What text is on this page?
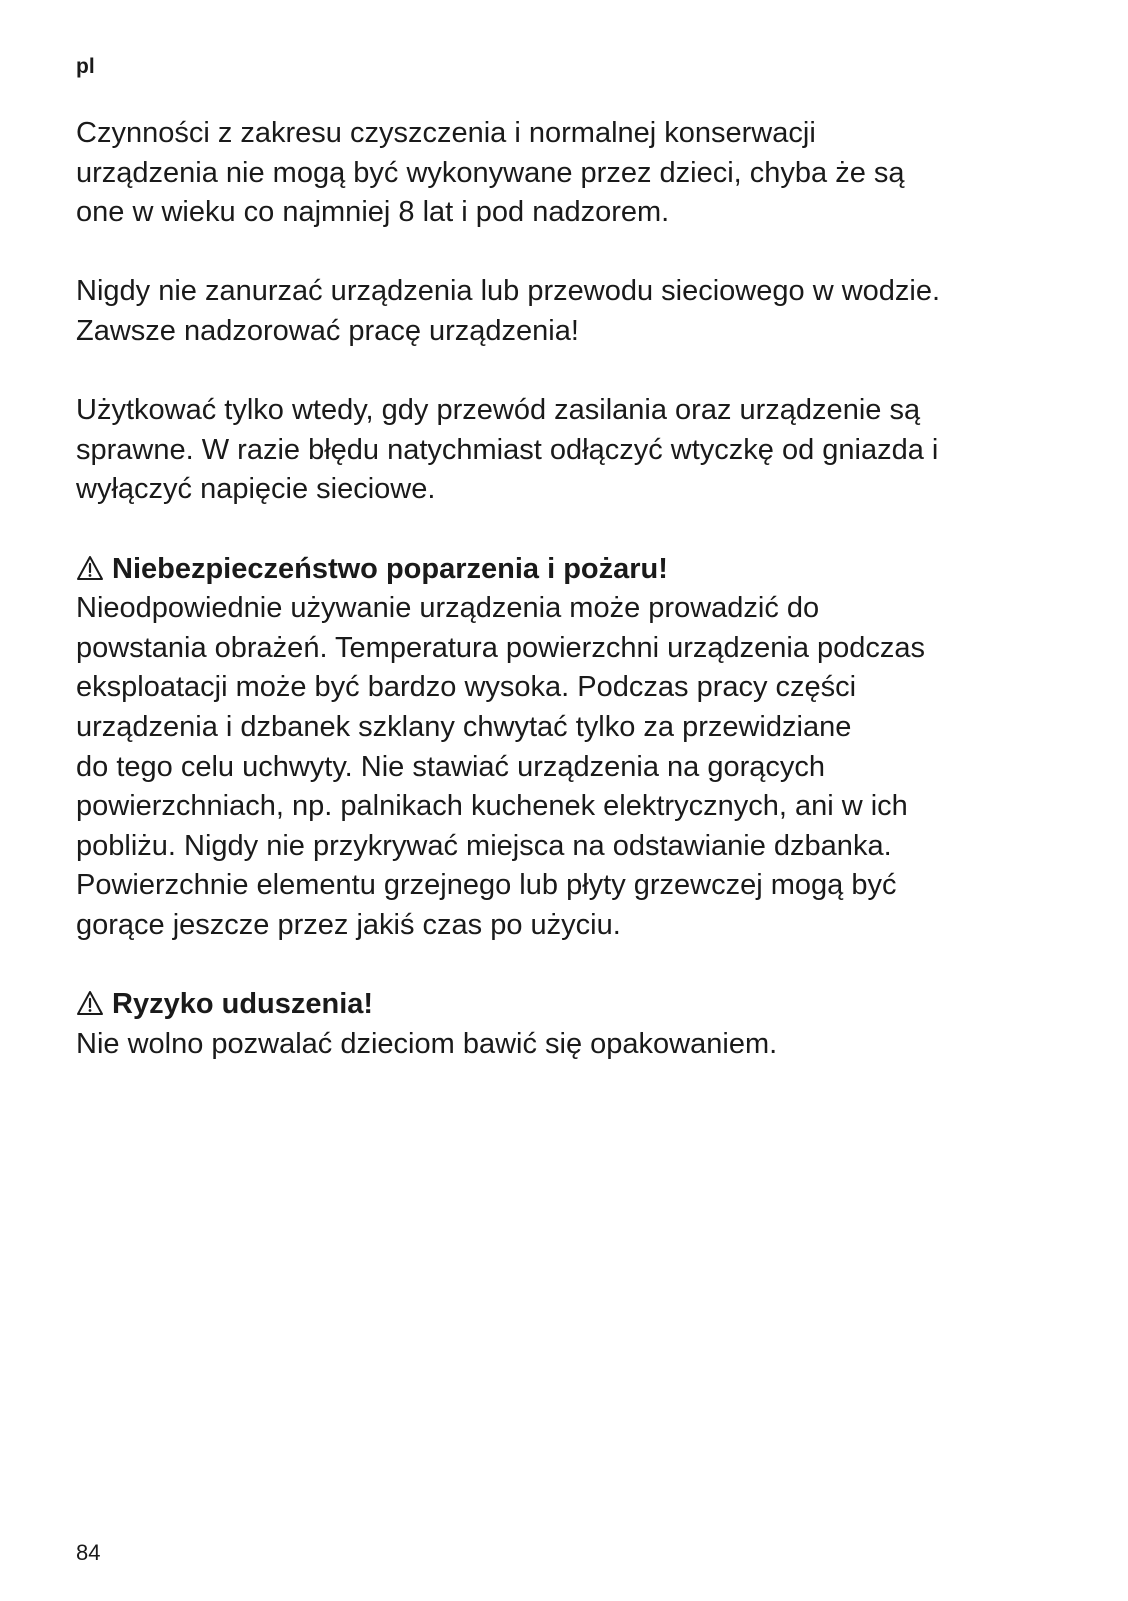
pl

Czynności z zakresu czyszczenia i normalnej konserwacji
urządzenia nie mogą być wykonywane przez dzieci, chyba że są
one w wieku co najmniej 8 lat i pod nadzorem.

Nigdy nie zanurzać urządzenia lub przewodu sieciowego w wodzie.
Zawsze nadzorować pracę urządzenia!

Użytkować tylko wtedy, gdy przewód zasilania oraz urządzenie są
sprawne. W razie błędu natychmiast odłączyć wtyczkę od gniazda i
wyłączyć napięcie sieciowe.

Niebezpieczeństwo poparzenia i pożaru!
Nieodpowiednie używanie urządzenia może prowadzić do
powstania obrażeń. Temperatura powierzchni urządzenia podczas
eksploatacji może być bardzo wysoka. Podczas pracy części
urządzenia i dzbanek szklany chwytać tylko za przewidziane
do tego celu uchwyty. Nie stawiać urządzenia na gorących
powierzchniach, np. palnikach kuchenek elektrycznych, ani w ich
pobliżu. Nigdy nie przykrywać miejsca na odstawianie dzbanka.
Powierzchnie elementu grzejnego lub płyty grzewczej mogą być
gorące jeszcze przez jakiś czas po użyciu.
Ryzyko uduszenia!
Nie wolno pozwalać dzieciom bawić się opakowaniem.
84
